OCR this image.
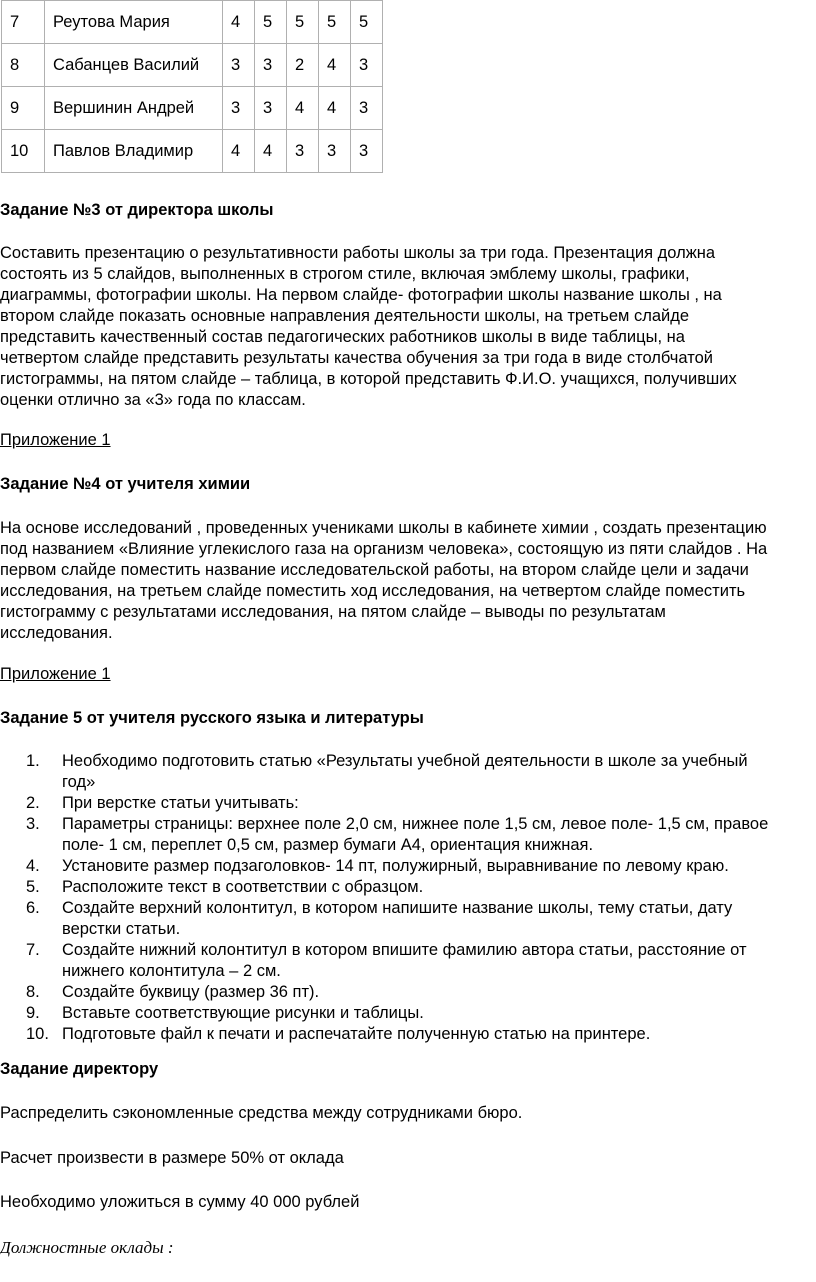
7	Реутова Мария	4	5	5	5	5
8	Сабанцев Василий	3	3	2	4	3
9	Вершинин Андрей	3	3	4	4	3
10	Павлов Владимир	4	4	3	3	3
Задание №3 от директора школы
Составить презентацию о результативности работы школы за три года. Презентация должна
состоять из 5 слайдов, выполненных в строгом стиле, включая эмблему школы, графики,
диаграммы, фотографии школы. На первом слайде- фотографии школы название школы , на
втором слайде показать основные направления деятельности школы, на третьем слайде
представить качественный состав педагогических работников школы в виде таблицы, на
четвертом слайде представить результаты качества обучения за три года в виде столбчатой
гистограммы, на пятом слайде – таблица, в которой представить Ф.И.О. учащихся, получивших
оценки отлично за «3» года по классам.
Приложение 1
Задание №4 от учителя химии
На основе исследований , проведенных учениками школы в кабинете химии , создать презентацию
под названием «Влияние углекислого газа на организм человека», состоящую из пяти слайдов . На
первом слайде поместить название исследовательской работы, на втором слайде цели и задачи
исследования, на третьем слайде поместить ход исследования, на четвертом слайде поместить
гистограмму с результатами исследования, на пятом слайде – выводы по результатам
исследования.
Приложение 1
Задание 5 от учителя русского языка и литературы
1.	Необходимо подготовить статью «Результаты учебной деятельности в школе за учебный
год»
2.	При верстке статьи учитывать:
3.	Параметры страницы: верхнее поле 2,0 см, нижнее поле 1,5 см, левое поле- 1,5 см, правое
поле- 1 см, переплет 0,5 см, размер бумаги А4, ориентация книжная.
4.	Установите размер подзаголовков- 14 пт, полужирный, выравнивание по левому краю.
5.	Расположите текст в соответствии с образцом.
6.	Создайте верхний колонтитул, в котором напишите название школы, тему статьи, дату
верстки статьи.
7.	Создайте нижний колонтитул в котором впишите фамилию автора статьи, расстояние от
нижнего колонтитула – 2 см.
8.	Создайте буквицу (размер 36 пт).
9.	Вставьте соответствующие рисунки и таблицы.
10. Подготовьте файл к печати и распечатайте полученную статью на принтере.
Задание директору
Распределить сэкономленные средства между сотрудниками бюро.
Расчет произвести в размере 50% от оклада
Необходимо уложиться в сумму 40 000 рублей
Должностные оклады :
